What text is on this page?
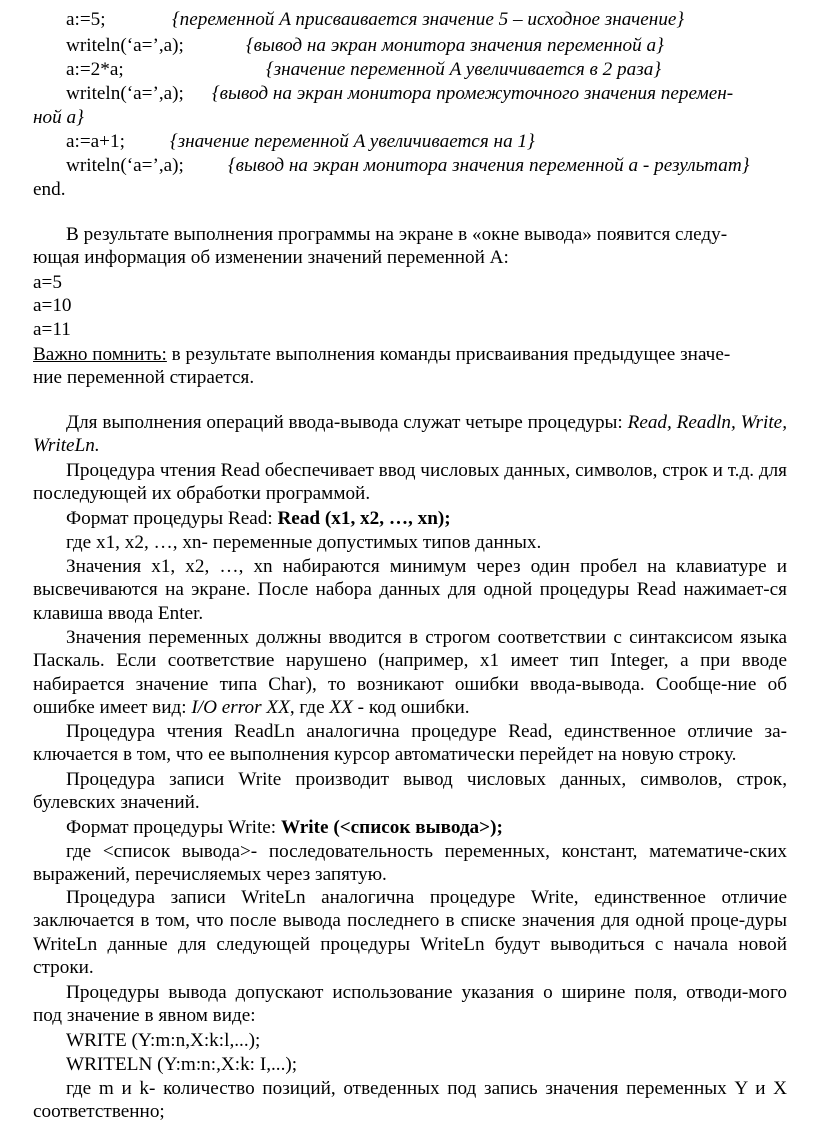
a:=5;	{переменной A присваивается значение 5 – исходное значение}
writeln(‘a=’,a);	{вывод на экран монитора значения переменной a}
a:=2*a;	{значение переменной A увеличивается в 2 раза}
writeln(‘a=’,a); {вывод на экран монитора промежуточного значения перемен-
ной a}
a:=a+1; {значение переменной A увеличивается на 1}
writeln(‘a=’,a); {вывод на экран монитора значения переменной a - результат}
end.
В результате выполнения программы на экране в «окне вывода» появится следу-
ющая информация об изменении значений переменной A:
a=5
a=10
a=11
Важно помнить: в результате выполнения команды присваивания предыдущее значе-
ние переменной стирается.
Для выполнения операций ввода-вывода служат четыре процедуры: Read, Readln, Write, WriteLn.
Процедура чтения Read обеспечивает ввод числовых данных, символов, строк и т.д. для последующей их обработки программой.
Формат процедуры Read: Read (x1, x2, …, xn);
где x1, x2, …, xn- переменные допустимых типов данных.
Значения x1, x2, …, xn набираются минимум через один пробел на клавиатуре и высвечиваются на экране. После набора данных для одной процедуры Read нажимает-ся клавиша ввода Enter.
Значения переменных должны вводится в строгом соответствии с синтаксисом языка Паскаль. Если соответствие нарушено (например, x1 имеет тип Integer, а при вводе набирается значение типа Char), то возникают ошибки ввода-вывода. Сообще-ние об ошибке имеет вид: I/O error XX, где XX - код ошибки.
Процедура чтения ReadLn аналогична процедуре Read, единственное отличие за-ключается в том, что ее выполнения курсор автоматически перейдет на новую строку.
Процедура записи Write производит вывод числовых данных, символов, строк, булевских значений.
Формат процедуры Write: Write (<список вывода>);
где <список вывода>- последовательность переменных, констант, математиче-ских выражений, перечисляемых через запятую.
Процедура записи WriteLn аналогична процедуре Write, единственное отличие заключается в том, что после вывода последнего в списке значения для одной проце-дуры WriteLn данные для следующей процедуры WriteLn будут выводиться с начала новой строки.
Процедуры вывода допускают использование указания о ширине поля, отводи-мого под значение в явном виде:
WRITE (Y:m:n,X:k:l,...);
WRITELN (Y:m:n:,X:k: I,...);
где m и k- количество позиций, отведенных под запись значения переменных Y и X соответственно;
